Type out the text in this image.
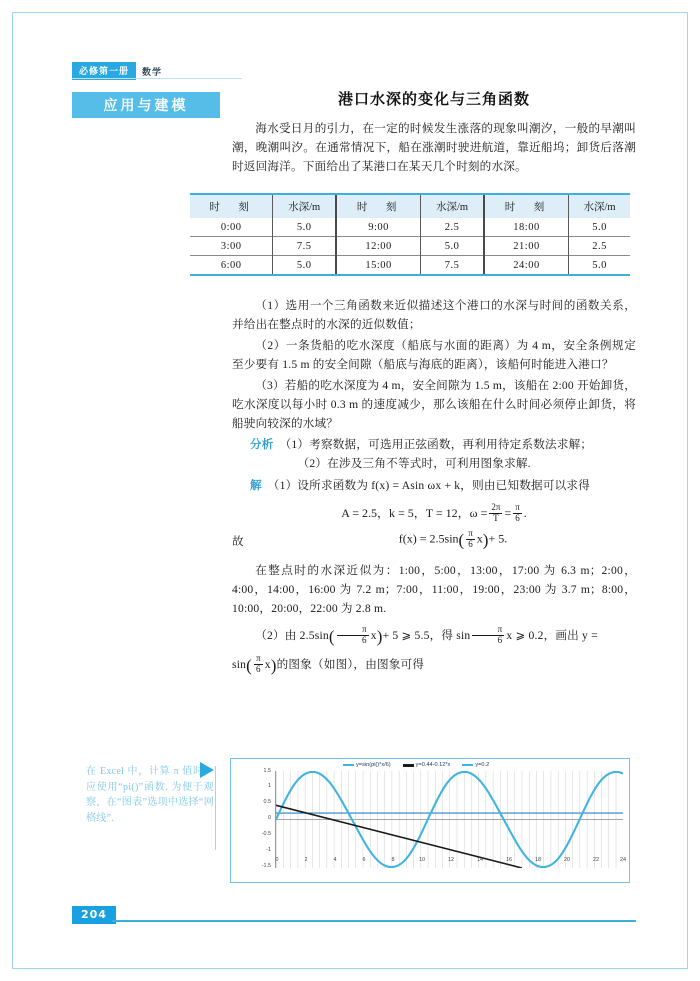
必修第一册	数学
应用与建模	港口水深的变化与三角函数

海水受日月的引力，在一定的时候发生涨落的现象叫潮汐，一般的早潮叫潮，晚潮叫汐。在通常情况下，船在涨潮时驶进航道，靠近船坞；卸货后落潮时返回海洋。下面给出了某港口在某天几个时刻的水深。

时　刻	水深/m	时　刻	水深/m	时　刻	水深/m
0:00	5.0	9:00	2.5	18:00	5.0
3:00	7.5	12:00	5.0	21:00	2.5
6:00	5.0	15:00	7.5	24:00	5.0

（1）选用一个三角函数来近似描述这个港口的水深与时间的函数关系，并给出在整点时的水深的近似数值；

（2）一条货船的吃水深度（船底与水面的距离）为 4 m，安全条例规定至少要有 1.5 m 的安全间隙（船底与海底的距离），该船何时能进入港口？

（3）若船的吃水深度为 4 m，安全间隙为 1.5 m，该船在 2:00 开始卸货，吃水深度以每小时 0.3 m 的速度减少，那么该船在什么时间必须停止卸货，将船驶向较深的水域？

分析 （1）考察数据，可选用正弦函数，再利用待定系数法求解；

（2）在涉及三角不等式时，可利用图象求解.

解 （1）设所求函数为 f(x) = Asin ωx + k，则由已知数据可以求得

A = 2.5，k = 5，T = 12，$\omega = \frac{2\pi}{T} = \frac{\pi}{6}$ .
故	$f(x) = 2.5\sin( \frac{\pi}{6} x)+ 5$.

在整点时的水深近似为：1:00，5:00，13:00，17:00 为 6.3 m；2:00，4:00，14:00，16:00 为 7.2 m；7:00，11:00，19:00，23:00 为 3.7 m；8:00，10:00，20:00，22:00 为 2.8 m.

（2）由 $2.5\sin( \frac{\pi}{6} x)+ 5$ ⩾ 5.5，得 $\sin \frac{\pi}{6}$ x ⩾ 0.2，画出 y =

$\sin( \frac{\pi}{6} x)$的图象（如图），由图象可得

在 Excel 中，计算 π 值时，应使用“pi()”函数. 为便于观察，在“图表”选项中选择“网格线”.
y=sin(pi()*x/6)	y=0.44-0.12*x	y=0.2
1.5
1
0.5
0
-0.5
-1
-1.5
0	2	4	6	8	10	12	14	16	18	20	22	24
204
